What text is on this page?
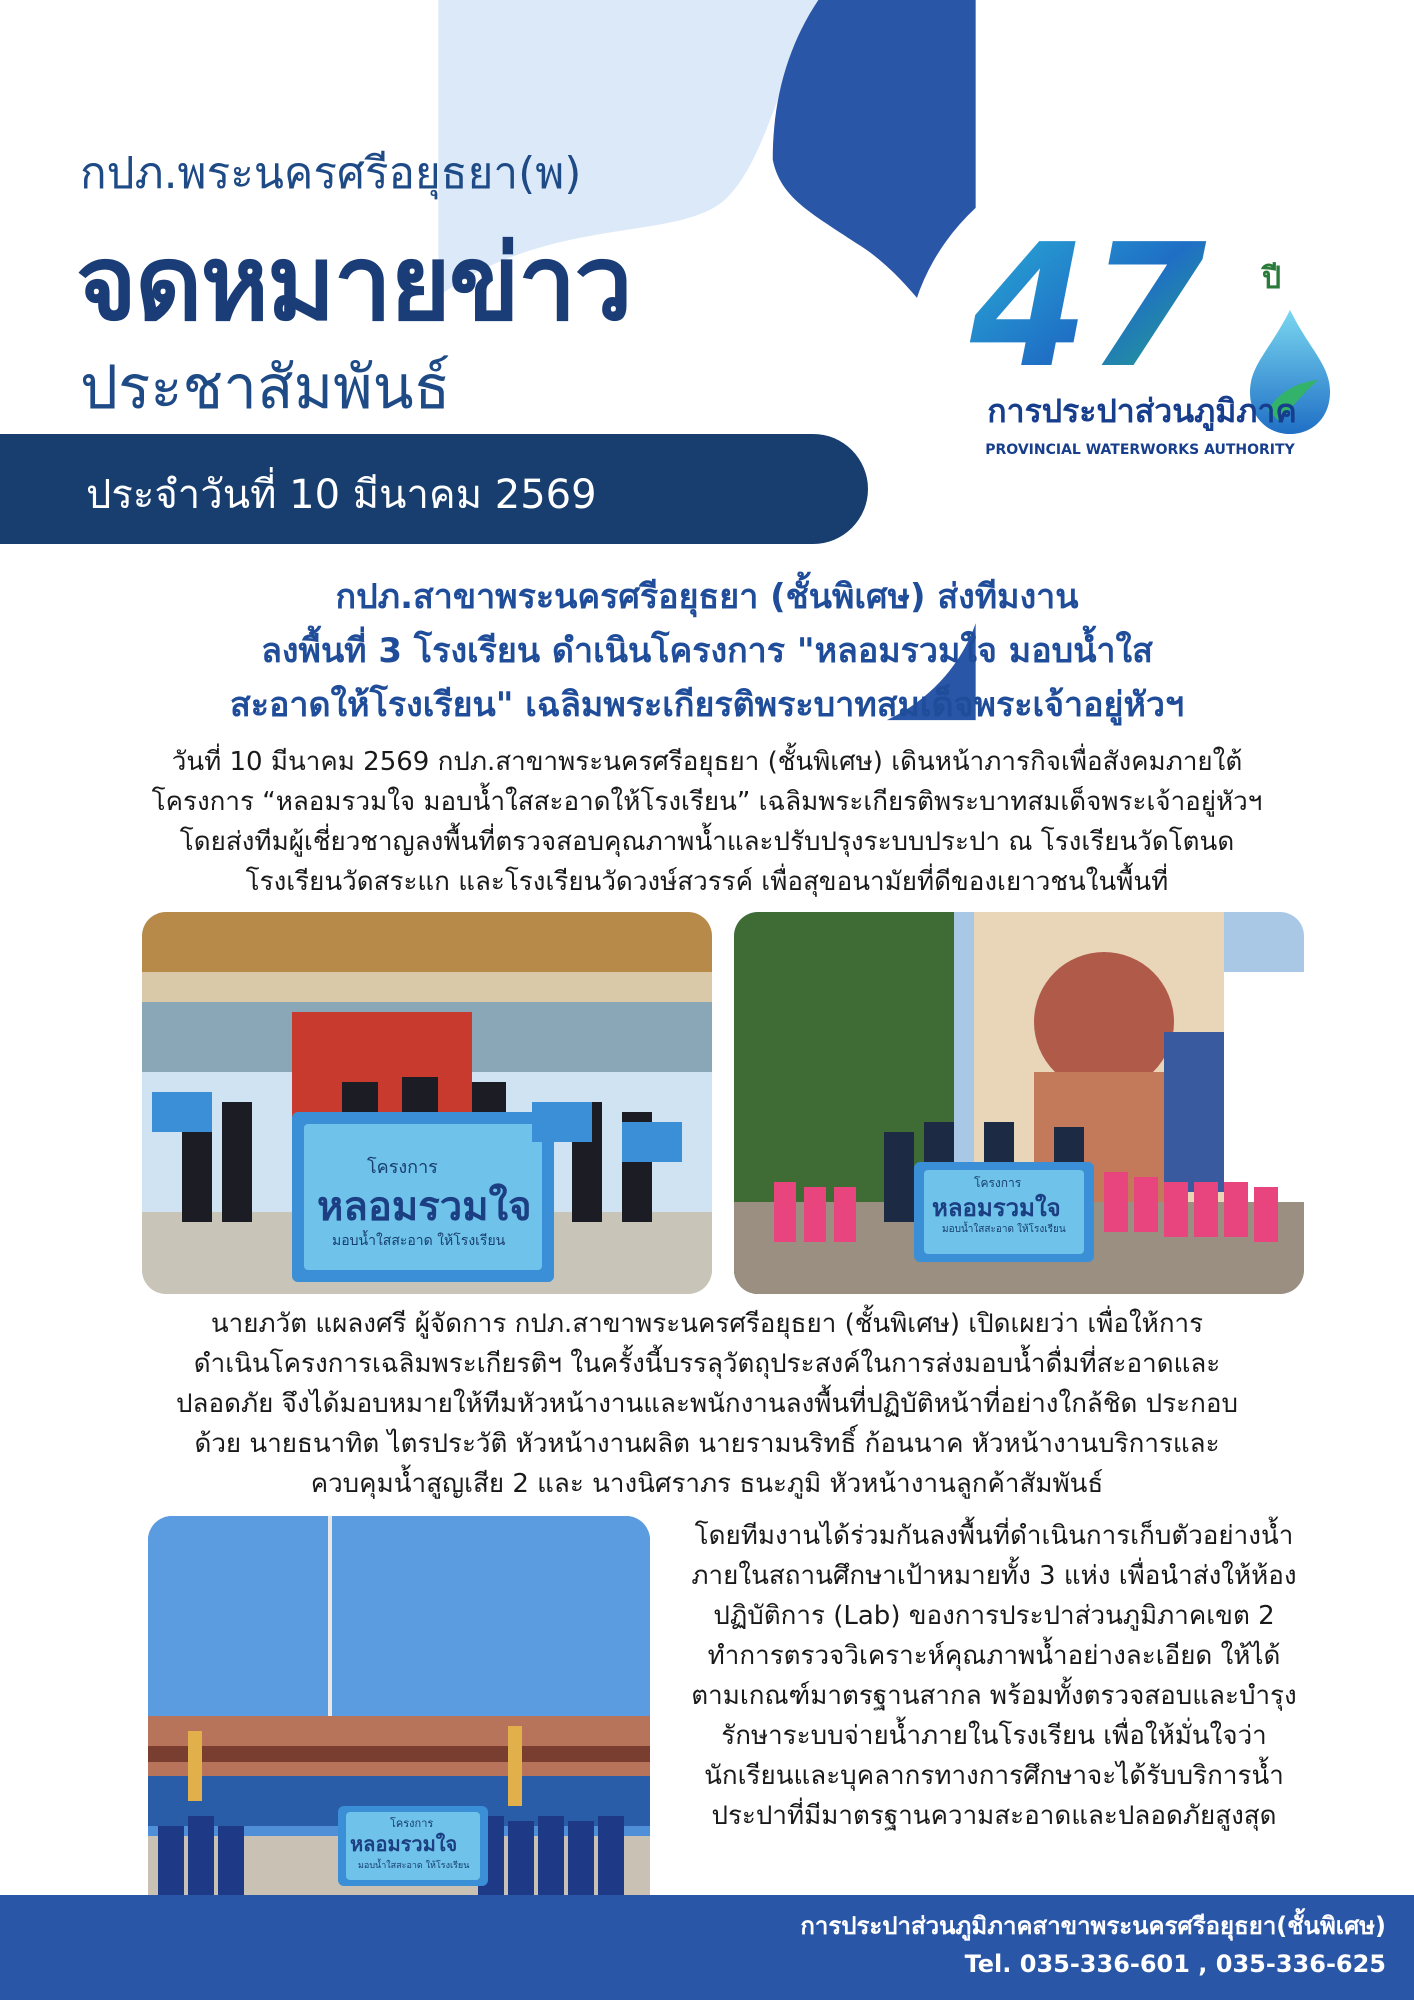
กปภ.พระนครศรีอยุธยา(พ)
จดหมายข่าว
ประชาสัมพันธ์
ประจำวันที่ 10 มีนาคม 2569
47 ปี
การประปาส่วนภูมิภาค
PROVINCIAL WATERWORKS AUTHORITY
กปภ.สาขาพระนครศรีอยุธยา (ชั้นพิเศษ) ส่งทีมงาน
ลงพื้นที่ 3 โรงเรียน ดำเนินโครงการ "หลอมรวมใจ มอบน้ำใส
สะอาดให้โรงเรียน" เฉลิมพระเกียรติพระบาทสมเด็จพระเจ้าอยู่หัวฯ
วันที่ 10 มีนาคม 2569 กปภ.สาขาพระนครศรีอยุธยา (ชั้นพิเศษ) เดินหน้าภารกิจเพื่อสังคมภายใต้
โครงการ “หลอมรวมใจ มอบน้ำใสสะอาดให้โรงเรียน” เฉลิมพระเกียรติพระบาทสมเด็จพระเจ้าอยู่หัวฯ
โดยส่งทีมผู้เชี่ยวชาญลงพื้นที่ตรวจสอบคุณภาพน้ำและปรับปรุงระบบประปา ณ โรงเรียนวัดโตนด
โรงเรียนวัดสระแก และโรงเรียนวัดวงษ์สวรรค์ เพื่อสุขอนามัยที่ดีของเยาวชนในพื้นที่
โครงการ
หลอมรวมใจ
มอบน้ำใสสะอาด ให้โรงเรียน
โครงการ
หลอมรวมใจ
มอบน้ำใสสะอาด ให้โรงเรียน
นายภวัต แผลงศรี ผู้จัดการ กปภ.สาขาพระนครศรีอยุธยา (ชั้นพิเศษ) เปิดเผยว่า เพื่อให้การ
ดำเนินโครงการเฉลิมพระเกียรติฯ ในครั้งนี้บรรลุวัตถุประสงค์ในการส่งมอบน้ำดื่มที่สะอาดและ
ปลอดภัย จึงได้มอบหมายให้ทีมหัวหน้างานและพนักงานลงพื้นที่ปฏิบัติหน้าที่อย่างใกล้ชิด ประกอบ
ด้วย นายธนาทิต ไตรประวัติ หัวหน้างานผลิต นายรามนริทธิ์ ก้อนนาค หัวหน้างานบริการและ
ควบคุมน้ำสูญเสีย 2 และ นางนิศราภร ธนะภูมิ หัวหน้างานลูกค้าสัมพันธ์
โครงการ
หลอมรวมใจ
มอบน้ำใสสะอาด ให้โรงเรียน
โดยทีมงานได้ร่วมกันลงพื้นที่ดำเนินการเก็บตัวอย่างน้ำ
ภายในสถานศึกษาเป้าหมายทั้ง 3 แห่ง เพื่อนำส่งให้ห้อง
ปฏิบัติการ (Lab) ของการประปาส่วนภูมิภาคเขต 2
ทำการตรวจวิเคราะห์คุณภาพน้ำอย่างละเอียด ให้ได้
ตามเกณฑ์มาตรฐานสากล พร้อมทั้งตรวจสอบและบำรุง
รักษาระบบจ่ายน้ำภายในโรงเรียน เพื่อให้มั่นใจว่า
นักเรียนและบุคลากรทางการศึกษาจะได้รับบริการน้ำ
ประปาที่มีมาตรฐานความสะอาดและปลอดภัยสูงสุด
การประปาส่วนภูมิภาคสาขาพระนครศรีอยุธยา(ชั้นพิเศษ)
Tel. 035-336-601 , 035-336-625
